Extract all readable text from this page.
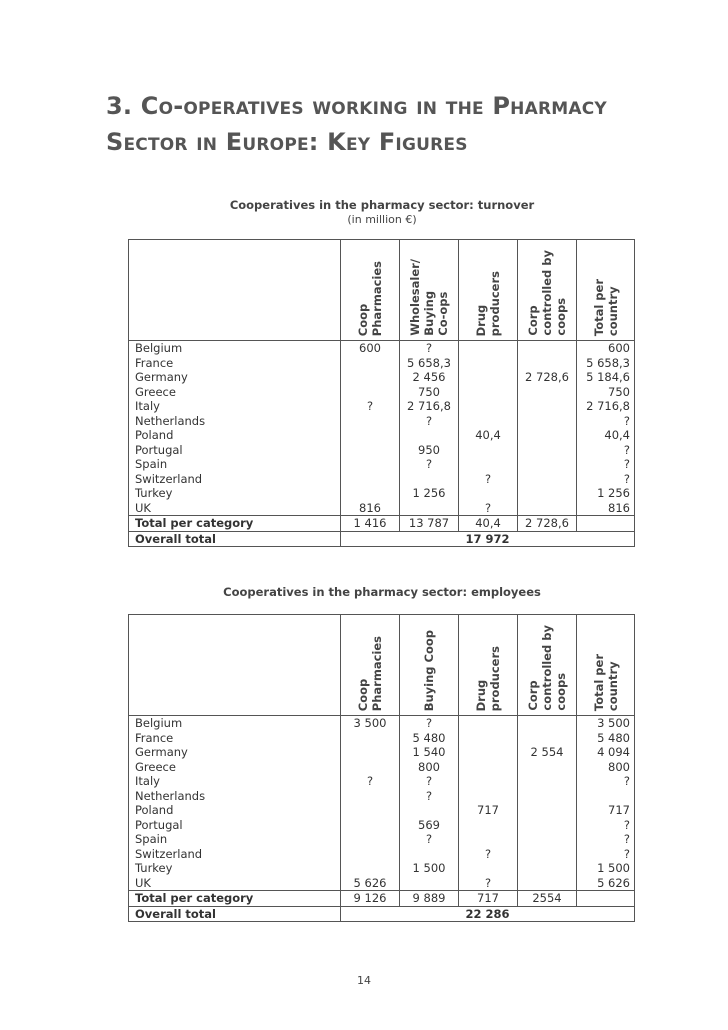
3. Co-operatives working in the Pharmacy
Sector in Europe: Key Figures
Cooperatives in the pharmacy sector: turnover
(in million €)

	Coop
Pharmacies	Wholesaler/
Buying
Co-ops	Drug
producers	Corp
controlled by
coops	Total per
country

Belgium	600	?			600
France		5 658,3			5 658,3
Germany		2 456		2 728,6	5 184,6
Greece		750			750
Italy	?	2 716,8			2 716,8
Netherlands		?			?
Poland			40,4		40,4
Portugal		950			?
Spain		?			?
Switzerland			?		?
Turkey		1 256			1 256
UK	816		?		816
Total per category	1 416	13 787	40,4	2 728,6	
Overall total	17 972				
Cooperatives in the pharmacy sector: employees

	Coop
Pharmacies	Buying Coop	Drug
producers	Corp
controlled by
coops	Total per
country

Belgium	3 500	?			3 500
France		5 480			5 480
Germany		1 540		2 554	4 094
Greece		800			800
Italy	?	?			?
Netherlands		?			
Poland			717		717
Portugal		569			?
Spain		?			?
Switzerland			?		?
Turkey		1 500			1 500
UK	5 626		?		5 626
Total per category	9 126	9 889	717	2554	
Overall total	22 286				
14
